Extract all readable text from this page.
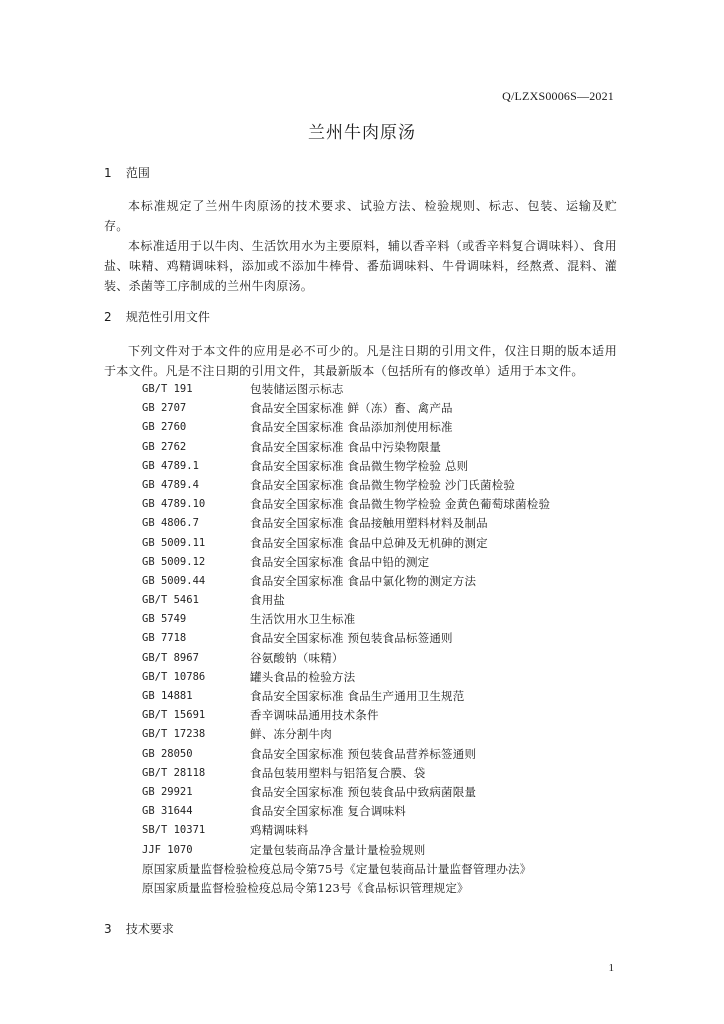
Q/LZXS0006S—2021
兰州牛肉原汤
1 范围
本标准规定了兰州牛肉原汤的技术要求、试验方法、检验规则、标志、包装、运输及贮存。
本标准适用于以牛肉、生活饮用水为主要原料，辅以香辛料（或香辛料复合调味料）、食用盐、味精、鸡精调味料，添加或不添加牛棒骨、番茄调味料、牛骨调味料，经熬煮、混料、灌装、杀菌等工序制成的兰州牛肉原汤。
2 规范性引用文件
下列文件对于本文件的应用是必不可少的。凡是注日期的引用文件，仅注日期的版本适用于本文件。凡是不注日期的引用文件，其最新版本（包括所有的修改单）适用于本文件。
GB/T 191	包装储运图示标志
GB 2707	食品安全国家标准 鲜（冻）畜、禽产品
GB 2760	食品安全国家标准 食品添加剂使用标准
GB 2762	食品安全国家标准 食品中污染物限量
GB 4789.1	食品安全国家标准 食品微生物学检验 总则
GB 4789.4	食品安全国家标准 食品微生物学检验 沙门氏菌检验
GB 4789.10	食品安全国家标准 食品微生物学检验 金黄色葡萄球菌检验
GB 4806.7	食品安全国家标准 食品接触用塑料材料及制品
GB 5009.11	食品安全国家标准 食品中总砷及无机砷的测定
GB 5009.12	食品安全国家标准 食品中铅的测定
GB 5009.44	食品安全国家标准 食品中氯化物的测定方法
GB/T 5461	食用盐
GB 5749	生活饮用水卫生标准
GB 7718	食品安全国家标准 预包装食品标签通则
GB/T 8967	谷氨酸钠（味精）
GB/T 10786	罐头食品的检验方法
GB 14881	食品安全国家标准 食品生产通用卫生规范
GB/T 15691	香辛调味品通用技术条件
GB/T 17238	鲜、冻分割牛肉
GB 28050	食品安全国家标准 预包装食品营养标签通则
GB/T 28118	食品包装用塑料与铝箔复合膜、袋
GB 29921	食品安全国家标准 预包装食品中致病菌限量
GB 31644	食品安全国家标准 复合调味料
SB/T 10371	鸡精调味料
JJF 1070	定量包装商品净含量计量检验规则
原国家质量监督检验检疫总局令第75号《定量包装商品计量监督管理办法》
原国家质量监督检验检疫总局令第123号《食品标识管理规定》
3 技术要求
1
